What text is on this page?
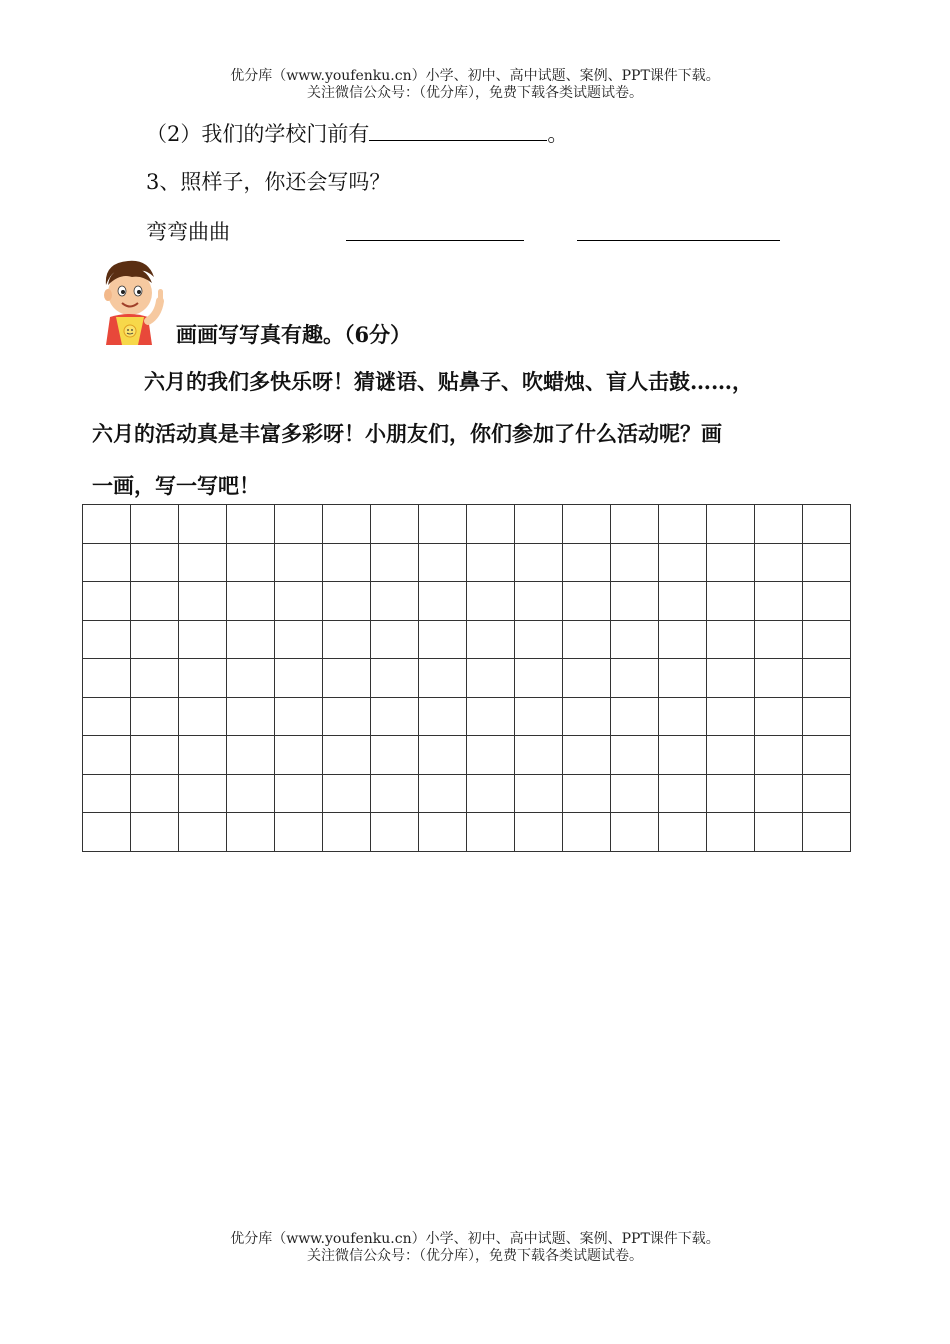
优分库（www.youfenku.cn）小学、初中、高中试题、案例、PPT课件下载。
关注微信公众号：（优分库），免费下载各类试题试卷。
（2）我们的学校门前有	。
3、照样子，你还会写吗？
弯弯曲曲
画画写写真有趣。（6分）
六月的我们多快乐呀！猜谜语、贴鼻子、吹蜡烛、盲人击鼓……，
六月的活动真是丰富多彩呀！小朋友们，你们参加了什么活动呢？画
一画，写一写吧！

优分库（www.youfenku.cn）小学、初中、高中试题、案例、PPT课件下载。
关注微信公众号：（优分库），免费下载各类试题试卷。
